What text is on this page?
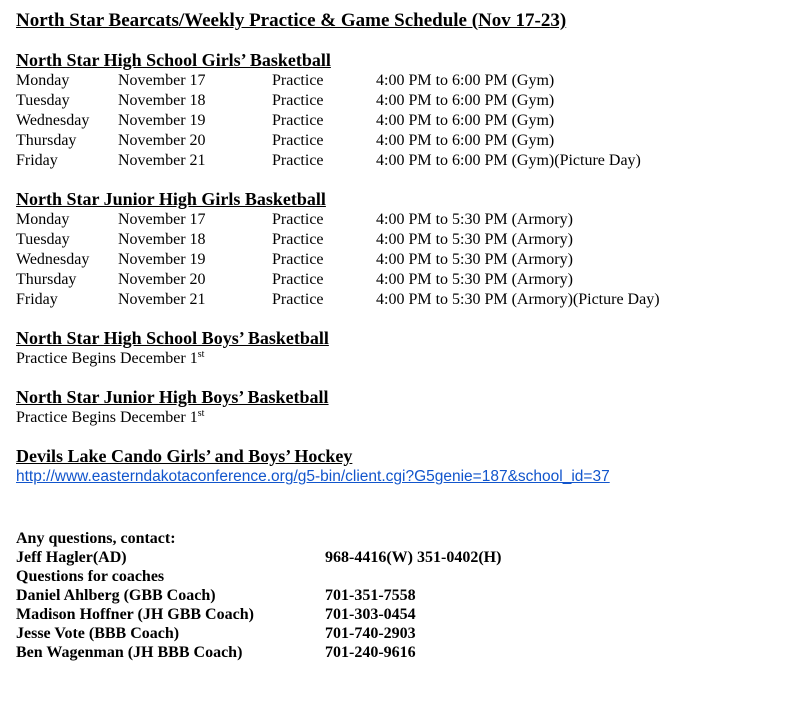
North Star Bearcats/Weekly Practice & Game Schedule (Nov 17-23)
North Star High School Girls’ Basketball
Monday	November 17	Practice	4:00 PM to 6:00 PM (Gym)
Tuesday	November 18	Practice	4:00 PM to 6:00 PM (Gym)
Wednesday	November 19	Practice	4:00 PM to 6:00 PM (Gym)
Thursday	November 20	Practice	4:00 PM to 6:00 PM (Gym)
Friday	November 21	Practice	4:00 PM to 6:00 PM (Gym)(Picture Day)
North Star Junior High Girls Basketball
Monday	November 17	Practice	4:00 PM to 5:30 PM (Armory)
Tuesday	November 18	Practice	4:00 PM to 5:30 PM (Armory)
Wednesday	November 19	Practice	4:00 PM to 5:30 PM (Armory)
Thursday	November 20	Practice	4:00 PM to 5:30 PM (Armory)
Friday	November 21	Practice	4:00 PM to 5:30 PM (Armory)(Picture Day)
North Star High School Boys’ Basketball
Practice Begins December 1st
North Star Junior High Boys’ Basketball
Practice Begins December 1st
Devils Lake Cando Girls’ and Boys’ Hockey
http://www.easterndakotaconference.org/g5-bin/client.cgi?G5genie=187&school_id=37
Any questions, contact:
Jeff Hagler(AD)	968-4416(W) 351-0402(H)
Questions for coaches
Daniel Ahlberg (GBB Coach)	701-351-7558
Madison Hoffner (JH GBB Coach)	701-303-0454
Jesse Vote (BBB Coach)	701-740-2903
Ben Wagenman (JH BBB Coach)	701-240-9616
